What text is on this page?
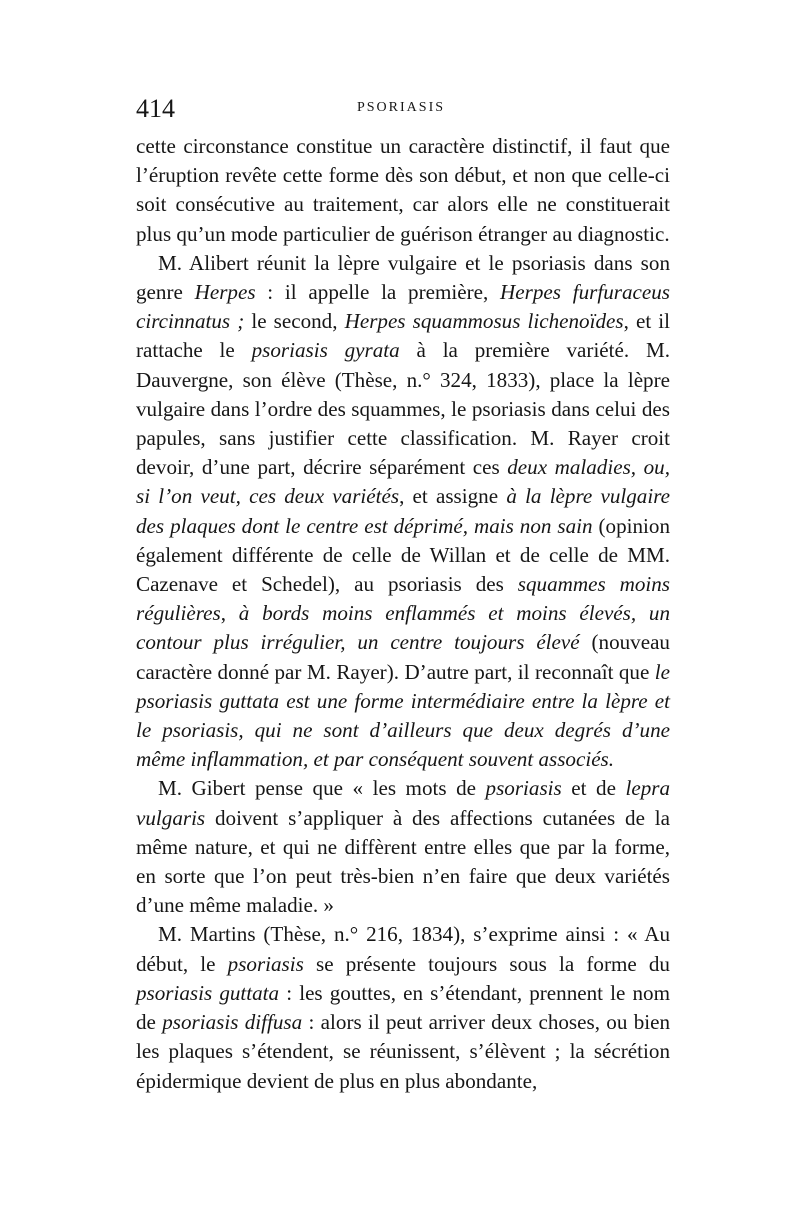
414	PSORIASIS

cette circonstance constitue un caractère distinctif, il faut que l’éruption revête cette forme dès son début, et non que celle-ci soit consécutive au traitement, car alors elle ne constituerait plus qu’un mode particulier de guérison étranger au diagnostic.

M. Alibert réunit la lèpre vulgaire et le psoriasis dans son genre Herpes : il appelle la première, Herpes furfuraceus circinnatus ; le second, Herpes squammosus lichenoïdes, et il rattache le psoriasis gyrata à la première variété. M. Dauvergne, son élève (Thèse, n.° 324, 1833), place la lèpre vulgaire dans l’ordre des squammes, le psoriasis dans celui des papules, sans justifier cette classification. M. Rayer croit devoir, d’une part, décrire séparément ces deux maladies, ou, si l’on veut, ces deux variétés, et assigne à la lèpre vulgaire des plaques dont le centre est déprimé, mais non sain (opinion également différente de celle de Willan et de celle de MM. Cazenave et Schedel), au psoriasis des squammes moins régulières, à bords moins enflammés et moins élevés, un contour plus irrégulier, un centre toujours élevé (nouveau caractère donné par M. Rayer). D’autre part, il reconnaît que le psoriasis guttata est une forme intermédiaire entre la lèpre et le psoriasis, qui ne sont d’ailleurs que deux degrés d’une même inflammation, et par conséquent souvent associés.

M. Gibert pense que « les mots de psoriasis et de lepra vulgaris doivent s’appliquer à des affections cutanées de la même nature, et qui ne diffèrent entre elles que par la forme, en sorte que l’on peut très-bien n’en faire que deux variétés d’une même maladie. »

M. Martins (Thèse, n.° 216, 1834), s’exprime ainsi : « Au début, le psoriasis se présente toujours sous la forme du psoriasis guttata : les gouttes, en s’étendant, prennent le nom de psoriasis diffusa : alors il peut arriver deux choses, ou bien les plaques s’étendent, se réunissent, s’élèvent ; la sécrétion épidermique devient de plus en plus abondante,
